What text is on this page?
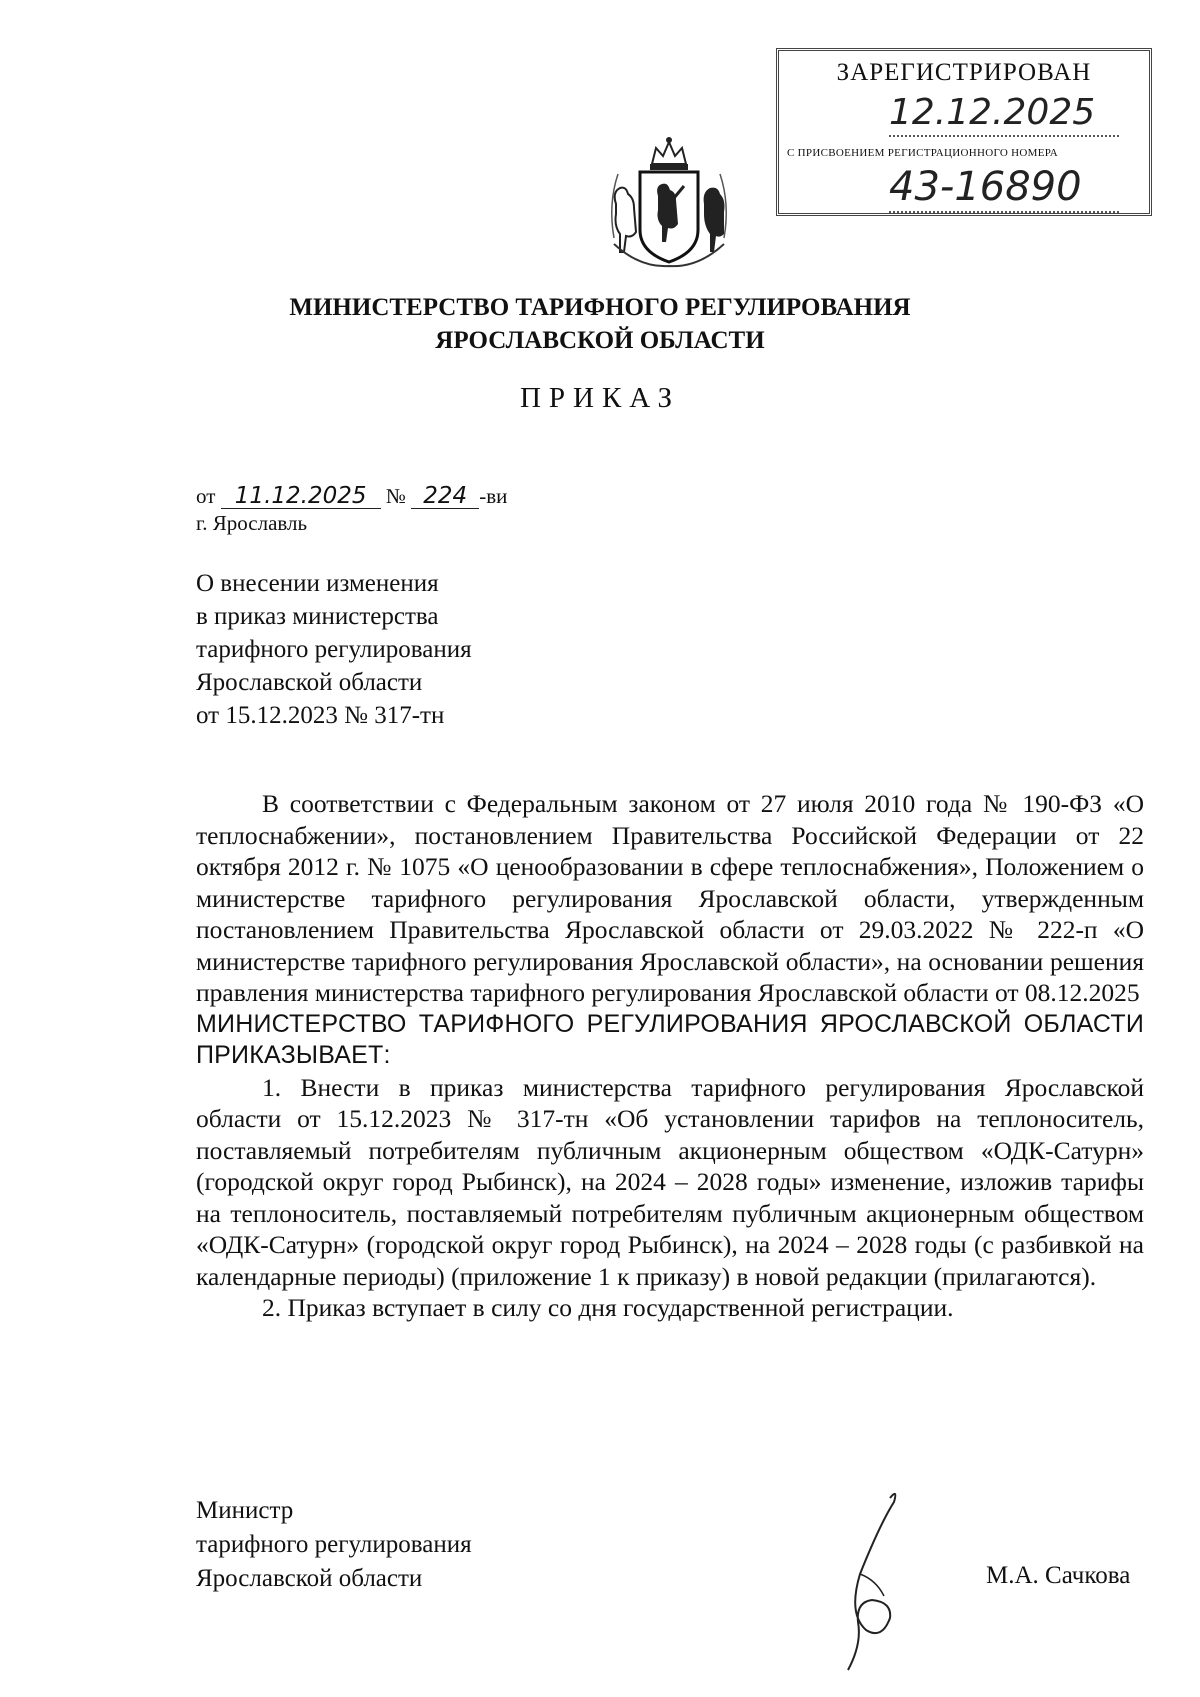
ЗАРЕГИСТРИРОВАН
12.12.2025
С ПРИСВОЕНИЕМ РЕГИСТРАЦИОННОГО НОМЕРА
43-16890
МИНИСТЕРСТВО ТАРИФНОГО РЕГУЛИРОВАНИЯ
ЯРОСЛАВСКОЙ ОБЛАСТИ
ПРИКАЗ
от 11.12.2025 № 224 -ви
г. Ярославль
О внесении изменения
в приказ министерства
тарифного регулирования
Ярославской области
от 15.12.2023 № 317-тн

В соответствии с Федеральным законом от 27 июля 2010 года № 190-ФЗ «О теплоснабжении», постановлением Правительства Российской Федерации от 22 октября 2012 г. № 1075 «О ценообразовании в сфере теплоснабжения», Положением о министерстве тарифного регулирования Ярославской области, утвержденным постановлением Правительства Ярославской области от 29.03.2022 № 222-п «О министерстве тарифного регулирования Ярославской области», на основании решения правления министерства тарифного регулирования Ярославской области от 08.12.2025

МИНИСТЕРСТВО ТАРИФНОГО РЕГУЛИРОВАНИЯ ЯРОСЛАВСКОЙ ОБЛАСТИ ПРИКАЗЫВАЕТ:

1. Внести в приказ министерства тарифного регулирования Ярославской области от 15.12.2023 № 317-тн «Об установлении тарифов на теплоноситель, поставляемый потребителям публичным акционерным обществом «ОДК-Сатурн» (городской округ город Рыбинск), на 2024 – 2028 годы» изменение, изложив тарифы на теплоноситель, поставляемый потребителям публичным акционерным обществом «ОДК-Сатурн» (городской округ город Рыбинск), на 2024 – 2028 годы (с разбивкой на календарные периоды) (приложение 1 к приказу) в новой редакции (прилагаются).

2. Приказ вступает в силу со дня государственной регистрации.

Министр
тарифного регулирования
Ярославской области	М.А. Сачкова
